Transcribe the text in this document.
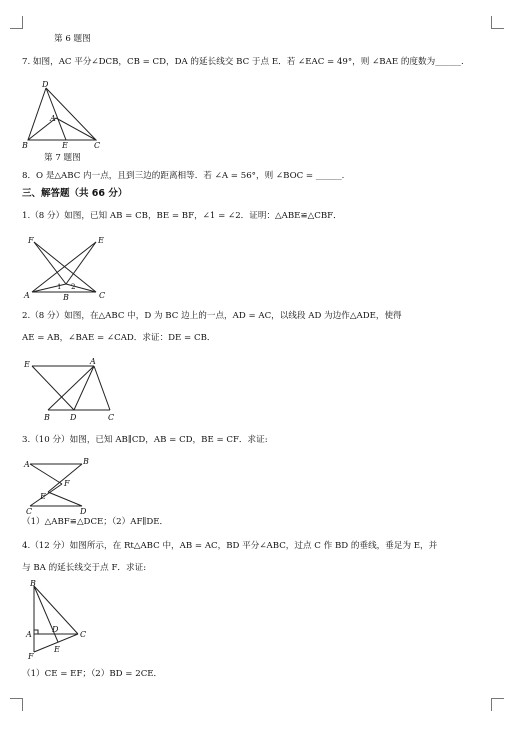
第 6 题图
7. 如图，AC 平分∠DCB，CB = CD，DA 的延长线交 BC 于点 E．若 ∠EAC = 49°，则 ∠BAE 的度数为______.
D
A
B	E	C
第 7 题图
8．O 是△ABC 内一点，且到三边的距离相等．若 ∠A = 56°，则 ∠BOC = ______.
三、解答题（共 66 分）
1.（8 分）如图，已知 AB = CB，BE = BF，∠1 = ∠2．证明：△ABE≌△CBF．
F	E
A
1 2
B	C
2.（8 分）如图，在△ABC 中，D 为 BC 边上的一点，AD = AC，以线段 AD 为边作△ADE，使得
AE = AB，∠BAE = ∠CAD．求证：DE = CB．
E	A
B	D	C
3.（10 分）如图，已知 AB∥CD，AB = CD，BE = CF．求证:
A	B
F
E
D
C
（1）△ABF≌△DCE；（2）AF∥DE．
4.（12 分）如图所示，在 Rt△ABC 中，AB = AC，BD 平分∠ABC，过点 C 作 BD 的垂线，垂足为 E，并
与 BA 的延长线交于点 F．求证:
B
A
D
C
E
F
（1）CE = EF；（2）BD = 2CE．
